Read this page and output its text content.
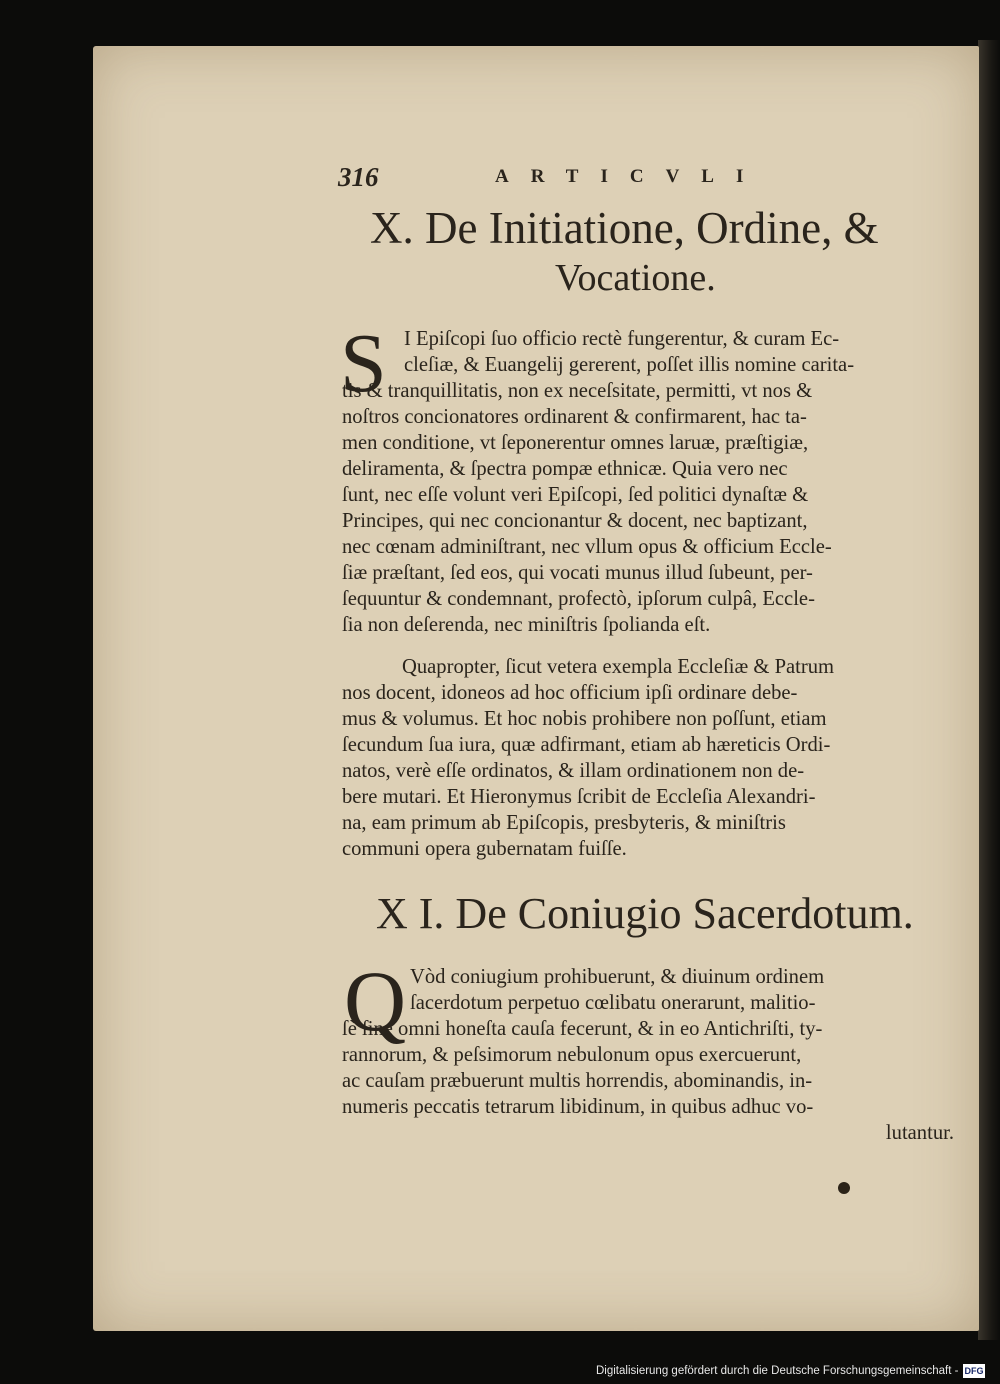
316	ARTICVLI
X. De Initiatione, Ordine, &
Vocatione.
S I Epiſcopi ſuo officio rectè fungerentur, & curam Ec-
cleſiæ, & Euangelij gererent, poſſet illis nomine carita-
tis & tranquillitatis, non ex neceſsitate, permitti, vt nos &
noſtros concionatores ordinarent & confirmarent, hac ta-
men conditione, vt ſeponerentur omnes laruæ, præſtigiæ,
deliramenta, & ſpectra pompæ ethnicæ. Quia vero nec
ſunt, nec eſſe volunt veri Epiſcopi, ſed politici dynaſtæ &
Principes, qui nec concionantur & docent, nec baptizant,
nec cœnam adminiſtrant, nec vllum opus & officium Eccle-
ſiæ præſtant, ſed eos, qui vocati munus illud ſubeunt, per-
ſequuntur & condemnant, profectò, ipſorum culpâ, Eccle-
ſia non deſerenda, nec miniſtris ſpolianda eſt.
Quapropter, ſicut vetera exempla Eccleſiæ & Patrum
nos docent, idoneos ad hoc officium ipſi ordinare debe-
mus & volumus. Et hoc nobis prohibere non poſſunt, etiam
ſecundum ſua iura, quæ adfirmant, etiam ab hæreticis Ordi-
natos, verè eſſe ordinatos, & illam ordinationem non de-
bere mutari. Et Hieronymus ſcribit de Eccleſia Alexandri-
na, eam primum ab Epiſcopis, presbyteris, & miniſtris
communi opera gubernatam fuiſſe.
X I. De Coniugio Sacerdotum.
Q Vòd coniugium prohibuerunt, & diuinum ordinem
ſacerdotum perpetuo cœlibatu onerarunt, malitio-
ſè ſine omni honeſta cauſa fecerunt, & in eo Antichriſti, ty-
rannorum, & peſsimorum nebulonum opus exercuerunt,
ac cauſam præbuerunt multis horrendis, abominandis, in-
numeris peccatis tetrarum libidinum, in quibus adhuc vo-
lutantur.
Digitalisierung gefördert durch die Deutsche Forschungsgemeinschaft - DFG
